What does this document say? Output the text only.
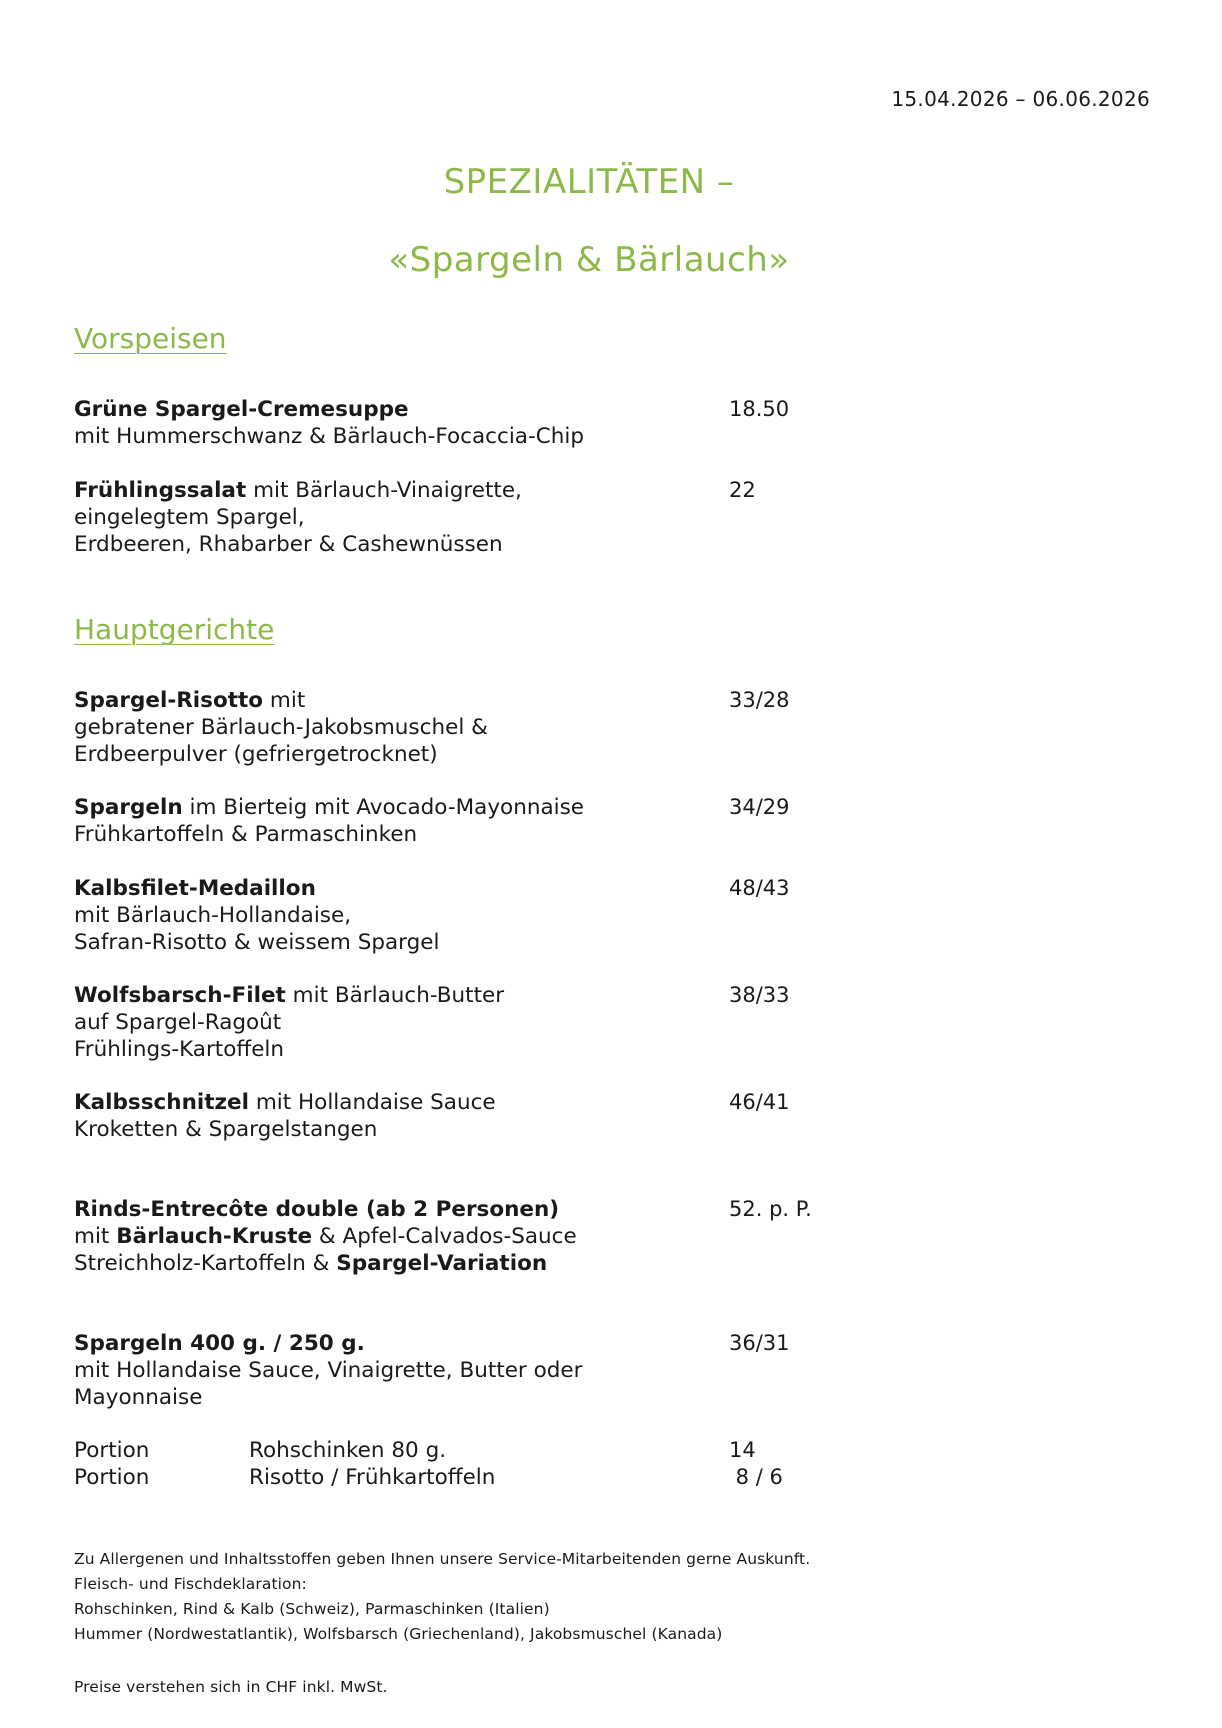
15.04.2026 – 06.06.2026
SPEZIALITÄTEN –
«Spargeln & Bärlauch»
Vorspeisen
Grüne Spargel-Cremesuppe
mit Hummerschwanz & Bärlauch-Focaccia-Chip
18.50
Frühlingssalat mit Bärlauch-Vinaigrette,
eingelegtem Spargel,
Erdbeeren, Rhabarber & Cashewnüssen
22
Hauptgerichte
Spargel-Risotto mit
gebratener Bärlauch-Jakobsmuschel &
Erdbeerpulver (gefriergetrocknet)
33/28
Spargeln im Bierteig mit Avocado-Mayonnaise
Frühkartoffeln & Parmaschinken
34/29
Kalbsfilet-Medaillon
mit Bärlauch-Hollandaise,
Safran-Risotto & weissem Spargel
48/43
Wolfsbarsch-Filet mit Bärlauch-Butter
auf Spargel-Ragoût
Frühlings-Kartoffeln
38/33
Kalbsschnitzel mit Hollandaise Sauce
Kroketten & Spargelstangen
46/41
Rinds-Entrecôte double (ab 2 Personen)
mit Bärlauch-Kruste & Apfel-Calvados-Sauce
Streichholz-Kartoffeln & Spargel-Variation
52. p. P.
Spargeln 400 g. / 250 g.
mit Hollandaise Sauce, Vinaigrette, Butter oder
Mayonnaise
36/31
Portion	Rohschinken 80 g.	14
Portion	Risotto / Frühkartoffeln	8 / 6
Zu Allergenen und Inhaltsstoffen geben Ihnen unsere Service-Mitarbeitenden gerne Auskunft.
Fleisch- und Fischdeklaration:
Rohschinken, Rind & Kalb (Schweiz), Parmaschinken (Italien)
Hummer (Nordwestatlantik), Wolfsbarsch (Griechenland), Jakobsmuschel (Kanada)
Preise verstehen sich in CHF inkl. MwSt.
